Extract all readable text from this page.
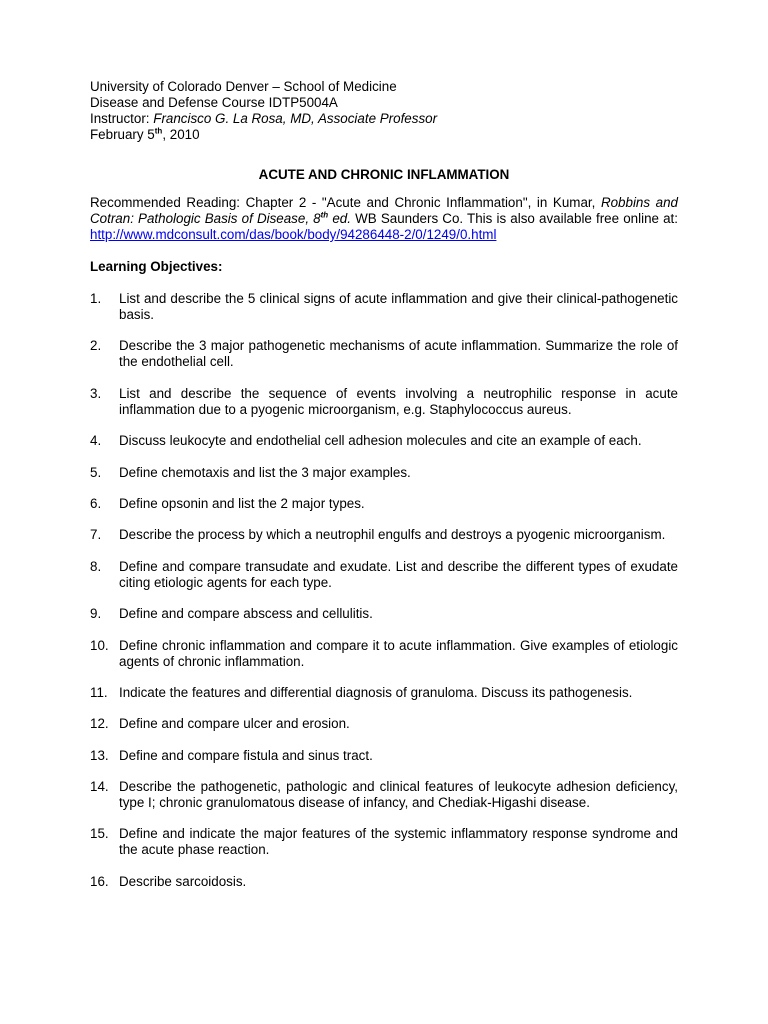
University of Colorado Denver – School of Medicine

Disease and Defense Course IDTP5004A

Instructor: Francisco G. La Rosa, MD, Associate Professor

February 5th, 2010

ACUTE AND CHRONIC INFLAMMATION
Recommended Reading: Chapter 2 - "Acute and Chronic Inflammation", in Kumar, Robbins and Cotran: Pathologic Basis of Disease, 8th ed. WB Saunders Co. This is also available free online at: http://www.mdconsult.com/das/book/body/94286448-2/0/1249/0.html
Learning Objectives:
1.	List and describe the 5 clinical signs of acute inflammation and give their clinical-pathogenetic basis.
2.	Describe the 3 major pathogenetic mechanisms of acute inflammation. Summarize the role of the endothelial cell.
3.	List and describe the sequence of events involving a neutrophilic response in acute inflammation due to a pyogenic microorganism, e.g. Staphylococcus aureus.
4.	Discuss leukocyte and endothelial cell adhesion molecules and cite an example of each.
5.	Define chemotaxis and list the 3 major examples.
6.	Define opsonin and list the 2 major types.
7.	Describe the process by which a neutrophil engulfs and destroys a pyogenic microorganism.
8.	Define and compare transudate and exudate. List and describe the different types of exudate citing etiologic agents for each type.
9.	Define and compare abscess and cellulitis.
10. Define chronic inflammation and compare it to acute inflammation. Give examples of etiologic agents of chronic inflammation.
11. Indicate the features and differential diagnosis of granuloma. Discuss its pathogenesis.
12. Define and compare ulcer and erosion.
13. Define and compare fistula and sinus tract.
14. Describe the pathogenetic, pathologic and clinical features of leukocyte adhesion deficiency, type I; chronic granulomatous disease of infancy, and Chediak-Higashi disease.
15. Define and indicate the major features of the systemic inflammatory response syndrome and the acute phase reaction.
16. Describe sarcoidosis.
